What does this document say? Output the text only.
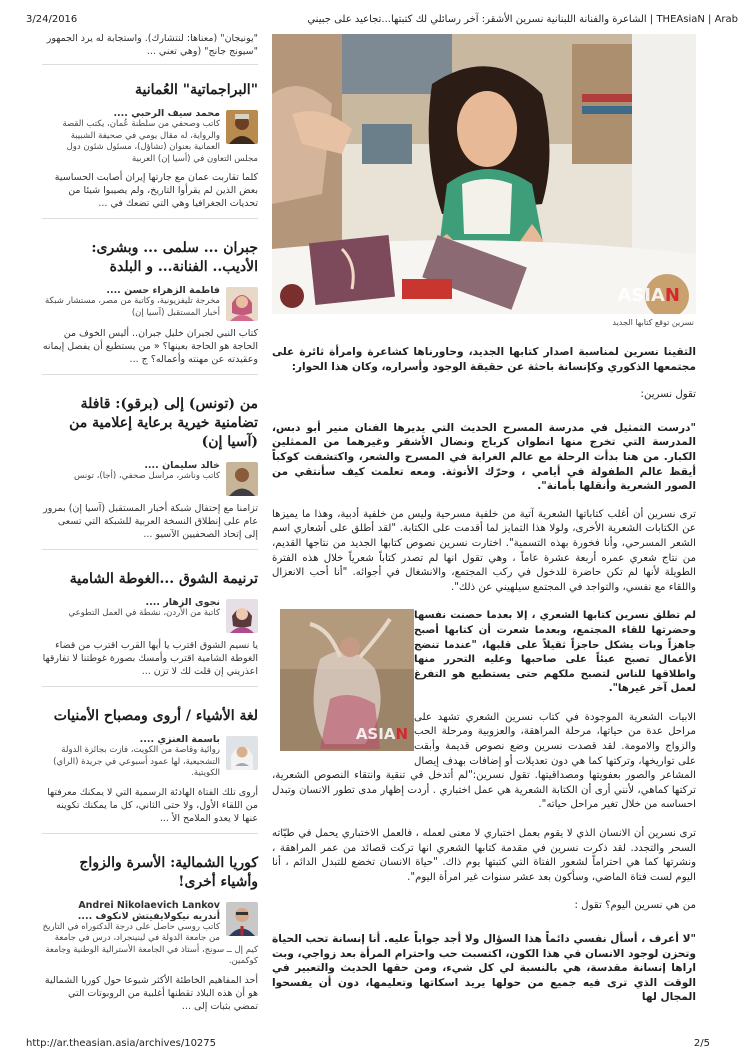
3/24/2016	THEAsiaN | Arab | الشاعرة والفنانة اللبنانية نسرين الأشقر: آخر رسائلي لك كتبتها...تجاعيد على جبيني
"يونيجان" (معناها: لنتشارك). واستجابة له يرد الجمهور "سيونج جانج" (وهي تعني ...
"البراجماتية" العُمانية
محمد سيف الرحبي ....
كاتب وصحفي من سلطنة عُمان، يكتب القصة والرواية، له مقال يومي في صحيفة الشبيبة العمانية بعنوان (تشاؤل)، مسئول شئون دول مجلس التعاون في (أسيا إن) العربية
كلما تقاربت عمان مع جارتها إيران أصابت الحساسية بعض الذين لم يقرأوا التاريخ، ولم يصيبوا شيئا من تحديات الجغرافيا وهي التي تضعك في ...
جبران ... سلمى ... وبشرى: الأديب.. الفنانة... و البلدة
فاطمة الزهراء حسن ....
مخرجة تليفزيونية، وكاتبة من مصر، مستشار شبكة أخبار المستقبل (آسيا إن)
كتاب النبي لجبران خليل جبران.. أليس الخوف من الحاجة هو الحاجة بعينها؟ « من يستطيع أن يفصل إيمانه وعقيدته عن مهنته وأعماله؟ ج ...
من (تونس) إلى (برقو): قافلة تضامنية خيرية برعاية إعلامية من (آسيا إن)
خالد سليمان ....
كاتب وناشر، مراسل صحفي، (أجا)، تونس
تزامنا مع إحتفال شبكة أخبار المستقبل (آسيا إن) بمرور عام على إنطلاق النسخة العربية للشبكة التي تسعى إلى إتحاد الصحفيين الآسيو ...
ترنيمة الشوق ...الغوطة الشامية
نجوى الزهار ....
كاتبة من الأردن، نشطة في العمل التطوعي
يا نسيم الشوق اقترب يا أيها القرب اقترب من قضاء الغوطة الشامية اقترب وأمسك بصورة غوطتنا لا تفارقها اعذريني إن قلت لك لا تزن ...
لغة الأشياء / أروى ومصباح الأمنيات
باسمة العنزي ....
روائية وقاصة من الكويت، فازت بجائزة الدولة التشجيعية، لها عمود أسبوعي في جريدة (الراي) الكويتية.
أروى تلك الفتاة الهادئة الرسمية التي لا يمكنك معرفتها من اللقاء الأول، ولا حتى الثاني، كل ما يمكنك تكوينه عنها لا يعدو الملامح الأ ...
كوريا الشمالية: الأسرة والزواج وأشياء أخرى!
Andrei Nikolaevich Lankov
أندريه نيكولايفيتش لانكوف ....
كاتب روسي حاصل على درجة الدكتوراه في التاريخ من جامعة الدولة في لينينجراد، درس في جامعة كيم إل ــ سونج، أستاذ في الجامعة الأسترالية الوطنية وجامعة كوكمين.
أحد المفاهيم الخاطئة الأكثر شيوعا حول كوريا الشمالية هو أن هذه البلاد تقطنها أغلبية من الروبوتات التي تمضي بثبات إلى ...
ASIAN
نسرين توقع كتابها الجديد

التقينا نسرين لمناسبة اصدار كتابها الجديد، وحاورناها كشاعرة وامرأة ثائرة على مجتمعها الذكوري وكإنسانة باحثة عن حقيقة الوجود وأسراره، وكان هذا الحوار:

تقول نسرين:

"درست التمثيل في مدرسة المسرح الحديث التي يديرها الفنان منير أبو دبس، المدرسة التي تخرج منها انطوان كرباج ونضال الأشقر وغيرهما من الممثلين الكبار. من هنا بدأت الرحلة مع عالم الغرابة في المسرح والشعر، واكتشفت كوكباً أيقظ عالم الطفولة في أيامي ، وحرّك الأنوثة. ومعه تعلمت كيف سأنتقي من الصور الشعرية وأنقلها بأمانة".

ترى نسرين أن أغلب كتاباتها الشعرية آتية من خلفية مسرحية وليس من خلفية أدبية، وهذا ما يميزها عن الكتابات الشعرية الأخرى، ولولا هذا التمايز لما أقدمت على الكتابة. "لقد أطلق على أشعاري اسم الشعر المسرحي، وأنا فخورة بهذه التسمية". اختارت نسرين نصوص كتابها الجديد من نتاجها القديم، من نتاج شعري عمره أربعة عشرة عاماً ، وهي تقول انها لم تصدر كتاباً شعرياً خلال هذه الفترة الطويلة لأنها لم تكن حاضرة للدخول في ركب المجتمع، والانشغال في أجوائه. "أنا أحب الانعزال واللقاء مع نفسي، والتواجد في المجتمع سيلهيني عن ذلك".

ASIAN

لم تطلق نسرين كتابها الشعري ، إلا بعدما حصنت نفسها وحضرتها للقاء المجتمع، وبعدما شعرت أن كتابها أصبح جاهزاً وبات يشكل حاجزاً ثقيلاً على قلبها، "عندما تنضج الأعمال تصبح عبئاً على صاحبها وعليه التحرر منها واطلاقها للناس لتصبح ملكهم حتى يستطيع هو التفرغ لعمل آخر غيرها".

الابيات الشعرية الموجودة في كتاب نسرين الشعري تشهد على مراحل عدة من حياتها، مرحلة المراهقة، والعزوبية ومرحلة الحب والزواج والامومة. لقد قصدت نسرين وضع نصوص قديمة وأبقت على تواريخها، وتركتها كما هي دون تعديلات أو إضافات بهدف إيصال المشاعر والصور بعفويتها ومصداقيتها. تقول نسرين:"لم أتدخل في تنقية وانتقاء النصوص الشعرية، تركتها كماهي، لأنني أرى أن الكتابة الشعرية هي عمل اختباري . أردت إظهار مدى تطور الانسان وتبدل احساسه من خلال تغير مراحل حياته".

ترى نسرين أن الانسان الذي لا يقوم بعمل اختباري لا معنى لعمله ، فالعمل الاختباري يحمل في طيّاته السحر والتجدد. لقد ذكرت نسرين في مقدمة كتابها الشعري انها تركت قصائد من عمر المراهقة ، ونشرتها كما هي احتراماً لشعور الفتاة التي كتبتها يوم ذاك. "حياة الانسان تخضع للتبدل الدائم ، أنا اليوم لست فتاة الماضي، وسأكون بعد عشر سنوات غير امرأة اليوم".

من هي نسرين اليوم؟ تقول :

"لا أعرف ، أسأل نفسي دائماً هذا السؤال ولا أجد جواباً عليه. أنا إنسانة تحب الحياة وتحزن لوجود الانسان في هذا الكون، اكتسبت حب واحترام المرأة بعد زواجي، وبت اراها إنسانة مقدسة، هي بالنسبة لي كل شيء، ومن حقها الحديث والتعبير في الوقت الذي ترى فيه جميع من حولها يريد اسكاتها وتعليمها، دون أن يفسحوا المجال لها

http://ar.theasian.asia/archives/10275	2/5
